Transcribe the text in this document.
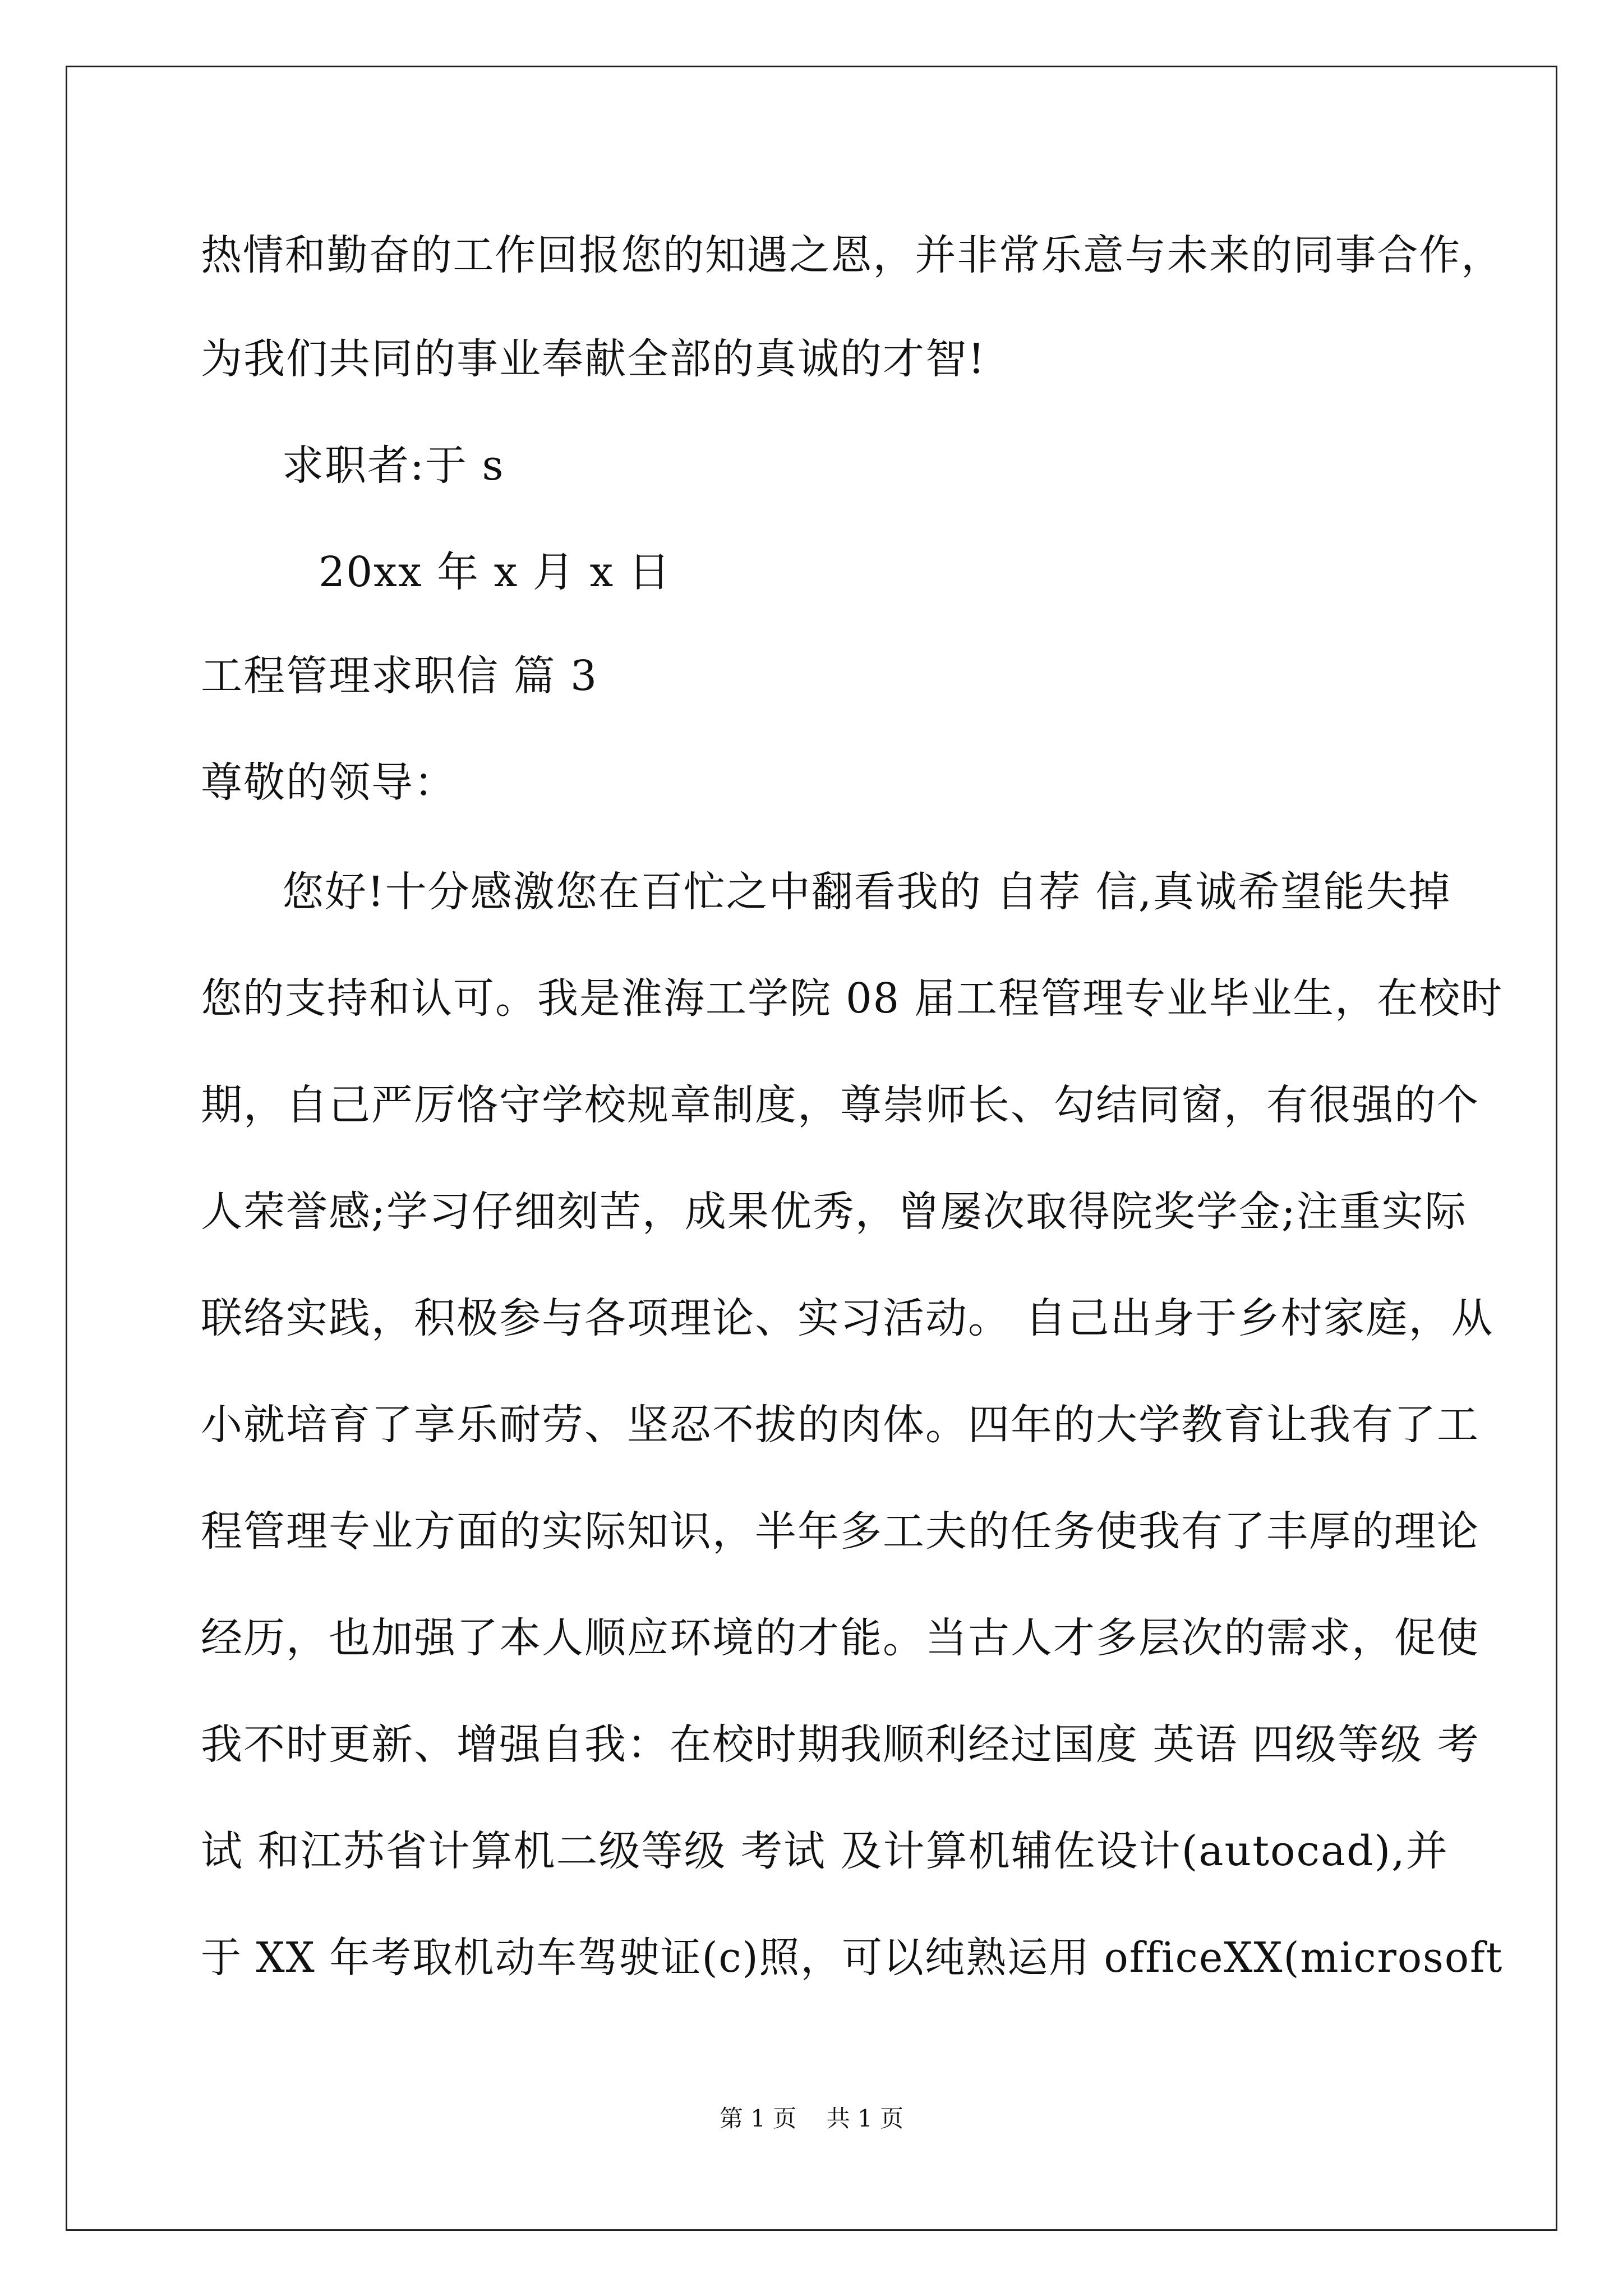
热情和勤奋的工作回报您的知遇之恩，并非常乐意与未来的同事合作，
为我们共同的事业奉献全部的真诚的才智!
求职者:于 s
20xx 年 x 月 x 日
工程管理求职信 篇 3
尊敬的领导：
您好!十分感激您在百忙之中翻看我的 自荐 信,真诚希望能失掉
您的支持和认可。我是淮海工学院 08 届工程管理专业毕业生，在校时
期，自己严厉恪守学校规章制度，尊崇师长、勾结同窗，有很强的个
人荣誉感;学习仔细刻苦，成果优秀，曾屡次取得院奖学金;注重实际
联络实践，积极参与各项理论、实习活动。 自己出身于乡村家庭，从
小就培育了享乐耐劳、坚忍不拔的肉体。四年的大学教育让我有了工
程管理专业方面的实际知识，半年多工夫的任务使我有了丰厚的理论
经历，也加强了本人顺应环境的才能。当古人才多层次的需求，促使
我不时更新、增强自我：在校时期我顺利经过国度 英语 四级等级 考
试 和江苏省计算机二级等级 考试 及计算机辅佐设计(autocad),并
于 XX 年考取机动车驾驶证(c)照，可以纯熟运用 officeXX(microsoft
第 1 页    共 1 页
